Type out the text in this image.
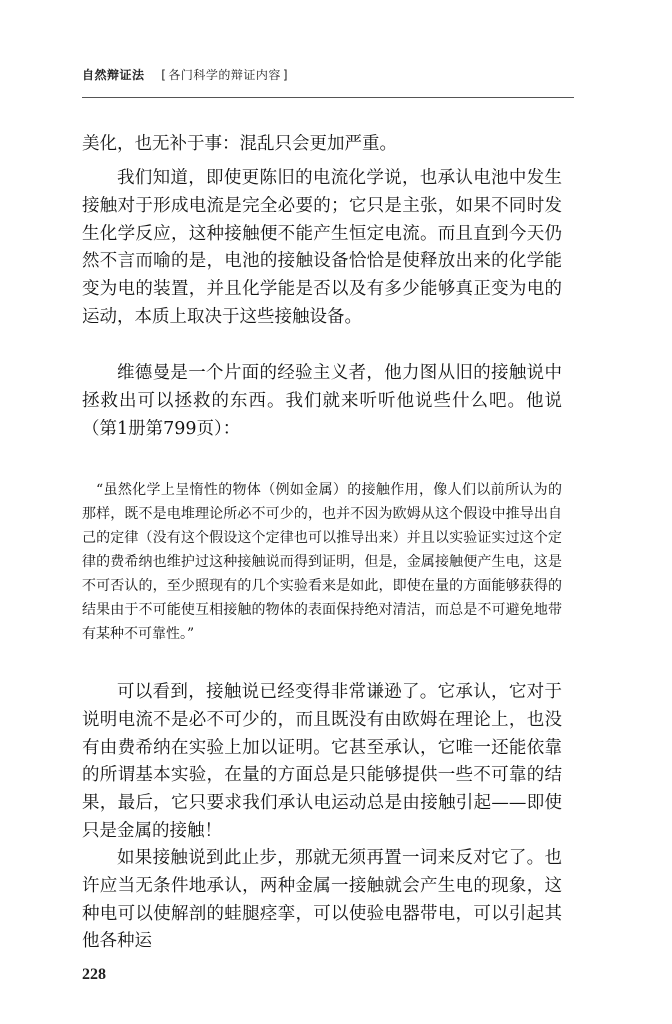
自然辩证法 [ 各门科学的辩证内容 ]

美化，也无补于事：混乱只会更加严重。

我们知道，即使更陈旧的电流化学说，也承认电池中发生接触对于形成电流是完全必要的；它只是主张，如果不同时发生化学反应，这种接触便不能产生恒定电流。而且直到今天仍然不言而喻的是，电池的接触设备恰恰是使释放出来的化学能变为电的装置，并且化学能是否以及有多少能够真正变为电的运动，本质上取决于这些接触设备。

维德曼是一个片面的经验主义者，他力图从旧的接触说中拯救出可以拯救的东西。我们就来听听他说些什么吧。他说（第1册第799页）：

“虽然化学上呈惰性的物体（例如金属）的接触作用，像人们以前所认为的那样，既不是电堆理论所必不可少的，也并不因为欧姆从这个假设中推导出自己的定律（没有这个假设这个定律也可以推导出来）并且以实验证实过这个定律的费希纳也维护过这种接触说而得到证明，但是，金属接触便产生电，这是不可否认的，至少照现有的几个实验看来是如此，即使在量的方面能够获得的结果由于不可能使互相接触的物体的表面保持绝对清洁，而总是不可避免地带有某种不可靠性。”

可以看到，接触说已经变得非常谦逊了。它承认，它对于说明电流不是必不可少的，而且既没有由欧姆在理论上，也没有由费希纳在实验上加以证明。它甚至承认，它唯一还能依靠的所谓基本实验，在量的方面总是只能够提供一些不可靠的结果，最后，它只要求我们承认电运动总是由接触引起——即使只是金属的接触！

如果接触说到此止步，那就无须再置一词来反对它了。也许应当无条件地承认，两种金属一接触就会产生电的现象，这种电可以使解剖的蛙腿痉挛，可以使验电器带电，可以引起其他各种运

228
